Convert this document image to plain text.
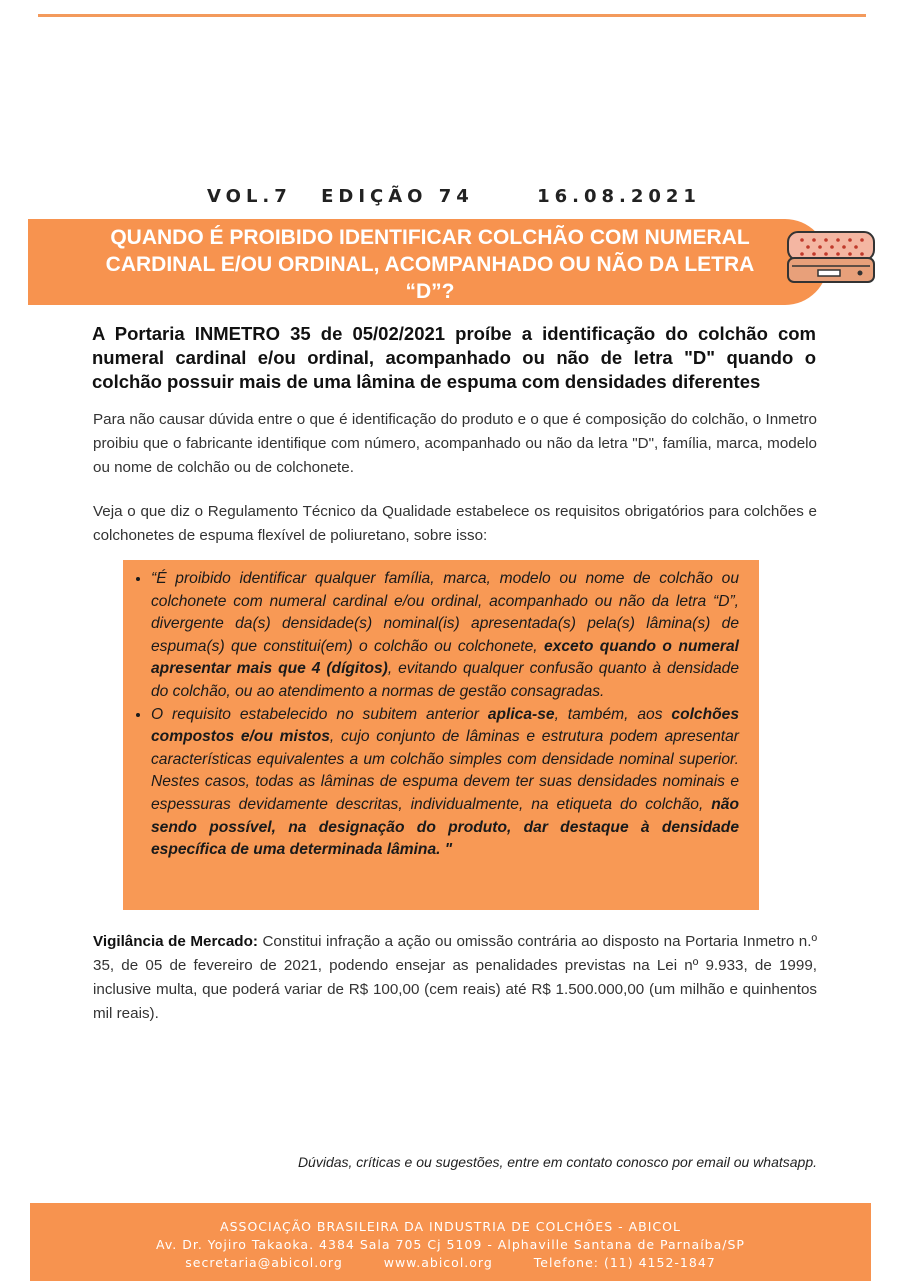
VOL.7 EDIÇÃO 74	16.08.2021
QUANDO É PROIBIDO IDENTIFICAR COLCHÃO COM NUMERAL CARDINAL E/OU ORDINAL, ACOMPANHADO OU NÃO DA LETRA “D”?
A Portaria INMETRO 35 de 05/02/2021 proíbe a identificação do colchão com numeral cardinal e/ou ordinal, acompanhado ou não de letra "D" quando o colchão possuir mais de uma lâmina de espuma com densidades diferentes
Para não causar dúvida entre o que é identificação do produto e o que é composição do colchão, o Inmetro proibiu que o fabricante identifique com número, acompanhado ou não da letra "D", família, marca, modelo ou nome de colchão ou de colchonete.
Veja o que diz o Regulamento Técnico da Qualidade estabelece os requisitos obrigatórios para colchões e colchonetes de espuma flexível de poliuretano, sobre isso:
• “É proibido identificar qualquer família, marca, modelo ou nome de colchão ou colchonete com numeral cardinal e/ou ordinal, acompanhado ou não da letra “D”, divergente da(s) densidade(s) nominal(is) apresentada(s) pela(s) lâmina(s) de espuma(s) que constitui(em) o colchão ou colchonete, exceto quando o numeral apresentar mais que 4 (dígitos), evitando qualquer confusão quanto à densidade do colchão, ou ao atendimento a normas de gestão consagradas.
• O requisito estabelecido no subitem anterior aplica-se, também, aos colchões compostos e/ou mistos, cujo conjunto de lâminas e estrutura podem apresentar características equivalentes a um colchão simples com densidade nominal superior. Nestes casos, todas as lâminas de espuma devem ter suas densidades nominais e espessuras devidamente descritas, individualmente, na etiqueta do colchão, não sendo possível, na designação do produto, dar destaque à densidade específica de uma determinada lâmina. "
Vigilância de Mercado: Constitui infração a ação ou omissão contrária ao disposto na Portaria Inmetro n.º 35, de 05 de fevereiro de 2021, podendo ensejar as penalidades previstas na Lei nº 9.933, de 1999, inclusive multa, que poderá variar de R$ 100,00 (cem reais) até R$ 1.500.000,00 (um milhão e quinhentos mil reais).
Dúvidas, críticas e ou sugestões, entre em contato conosco por email ou whatsapp.
ASSOCIAÇÃO BRASILEIRA DA INDUSTRIA DE COLCHÕES - ABICOL
Av. Dr. Yojiro Takaoka. 4384 Sala 705 Cj 5109 - Alphaville Santana de Parnaíba/SP
secretaria@abicol.org	www.abicol.org	Telefone: (11) 4152-1847
